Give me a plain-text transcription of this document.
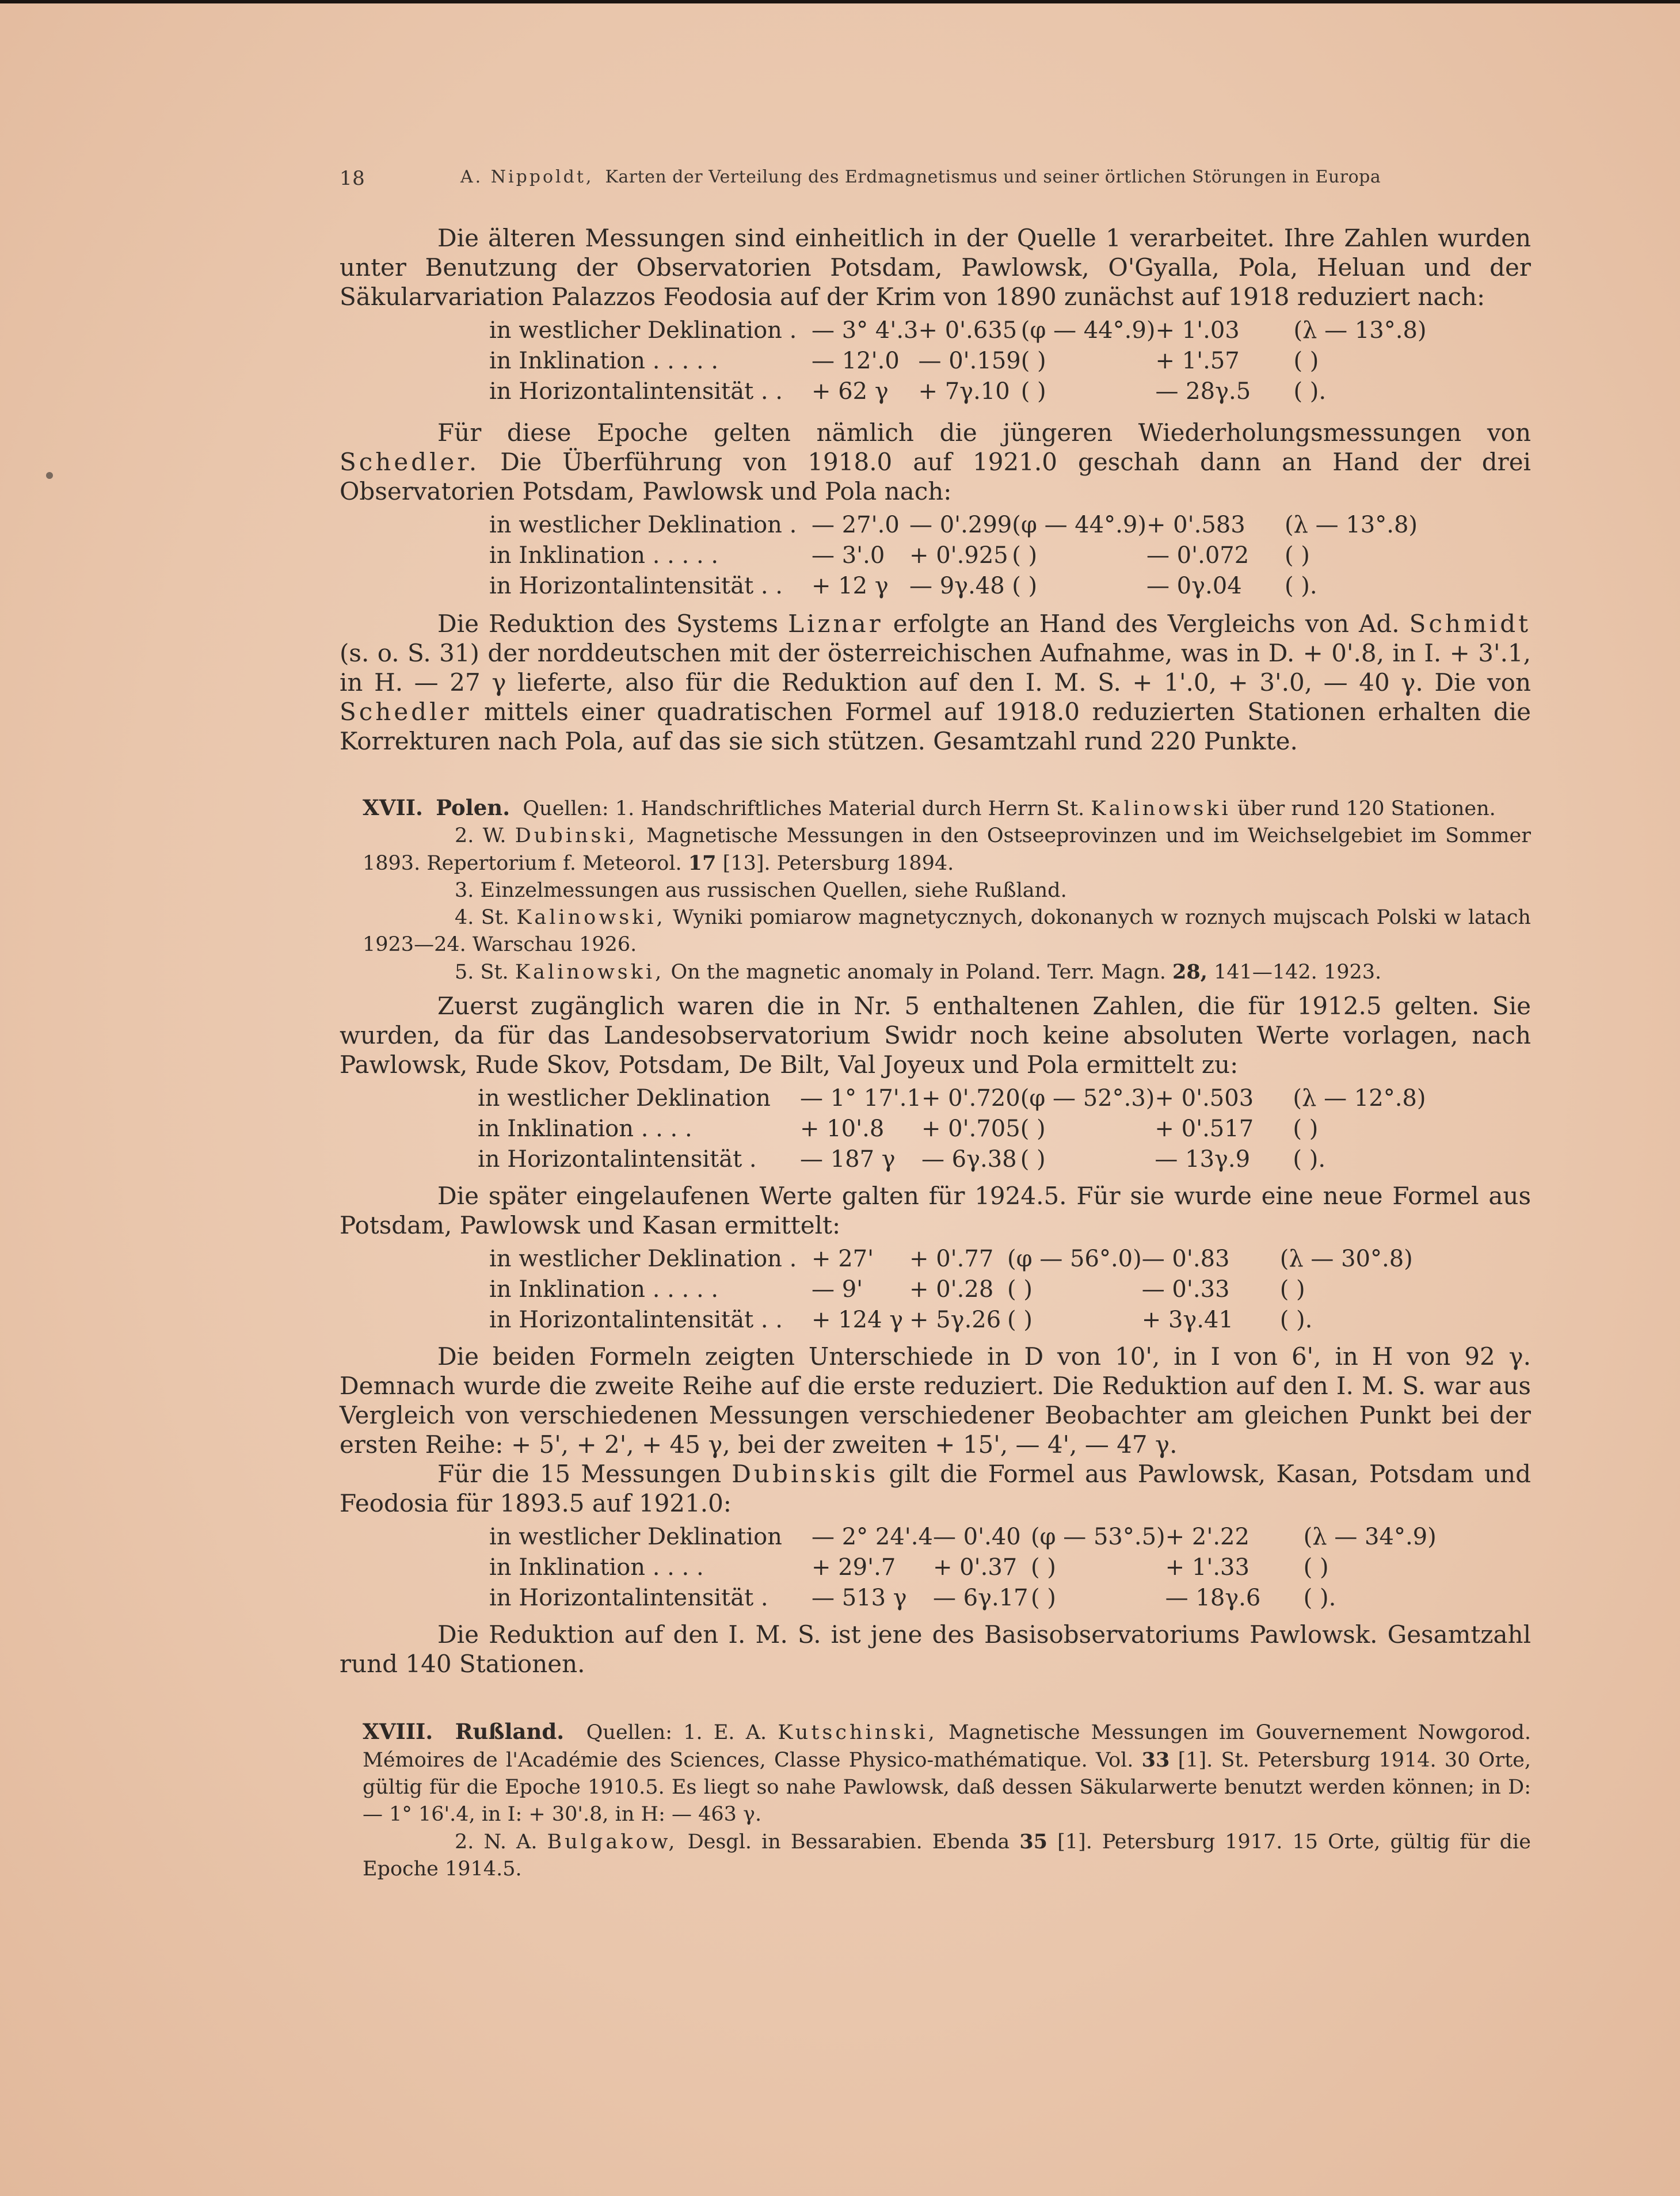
18	A. Nippoldt, Karten der Verteilung des Erdmagnetismus und seiner örtlichen Störungen in Europa

Die älteren Messungen sind einheitlich in der Quelle 1 verarbeitet. Ihre Zahlen wurden unter Benutzung der Observatorien Potsdam, Pawlowsk, O'Gyalla, Pola, Heluan und der Säkularvariation Palazzos Feodosia auf der Krim von 1890 zunächst auf 1918 reduziert nach:

in westlicher Deklination .	— 3° 4'.3	+ 0'.635	(φ — 44°.9)	+ 1'.03	(λ — 13°.8)
in Inklination . . . . .	— 12'.0	— 0'.159	( )	+ 1'.57	( )
in Horizontalintensität . .	+ 62 γ	+ 7γ.10	( )	— 28γ.5	( ).

Für diese Epoche gelten nämlich die jüngeren Wiederholungsmessungen von Schedler. Die Überführung von 1918.0 auf 1921.0 geschah dann an Hand der drei Observatorien Potsdam, Pawlowsk und Pola nach:

in westlicher Deklination .	— 27'.0	— 0'.299	(φ — 44°.9)	+ 0'.583	(λ — 13°.8)
in Inklination . . . . .	— 3'.0	+ 0'.925	( )	— 0'.072	( )
in Horizontalintensität . .	+ 12 γ	— 9γ.48	( )	— 0γ.04	( ).

Die Reduktion des Systems Liznar erfolgte an Hand des Vergleichs von Ad. Schmidt (s. o. S. 31) der norddeutschen mit der österreichischen Aufnahme, was in D. + 0'.8, in I. + 3'.1, in H. — 27 γ lieferte, also für die Reduktion auf den I. M. S. + 1'.0, + 3'.0, — 40 γ. Die von Schedler mittels einer quadratischen Formel auf 1918.0 reduzierten Stationen erhalten die Korrekturen nach Pola, auf das sie sich stützen. Gesamtzahl rund 220 Punkte.

XVII. Polen. Quellen: 1. Handschriftliches Material durch Herrn St. Kalinowski über rund 120 Stationen.

2. W. Dubinski, Magnetische Messungen in den Ostseeprovinzen und im Weichselgebiet im Sommer 1893. Repertorium f. Meteorol. 17 [13]. Petersburg 1894.

3. Einzelmessungen aus russischen Quellen, siehe Rußland.

4. St. Kalinowski, Wyniki pomiarow magnetycznych, dokonanych w roznych mujscach Polski w latach 1923—24. Warschau 1926.

5. St. Kalinowski, On the magnetic anomaly in Poland. Terr. Magn. 28, 141—142. 1923.

Zuerst zugänglich waren die in Nr. 5 enthaltenen Zahlen, die für 1912.5 gelten. Sie wurden, da für das Landesobservatorium Swidr noch keine absoluten Werte vorlagen, nach Pawlowsk, Rude Skov, Potsdam, De Bilt, Val Joyeux und Pola ermittelt zu:

in westlicher Deklination	— 1° 17'.1	+ 0'.720	(φ — 52°.3)	+ 0'.503	(λ — 12°.8)
in Inklination . . . .	+ 10'.8	+ 0'.705	( )	+ 0'.517	( )
in Horizontalintensität .	— 187 γ	— 6γ.38	( )	— 13γ.9	( ).

Die später eingelaufenen Werte galten für 1924.5. Für sie wurde eine neue Formel aus Potsdam, Pawlowsk und Kasan ermittelt:

in westlicher Deklination .	+ 27'	+ 0'.77	(φ — 56°.0)	— 0'.83	(λ — 30°.8)
in Inklination . . . . .	— 9'	+ 0'.28	( )	— 0'.33	( )
in Horizontalintensität . .	+ 124 γ	+ 5γ.26	( )	+ 3γ.41	( ).

Die beiden Formeln zeigten Unterschiede in D von 10', in I von 6', in H von 92 γ. Demnach wurde die zweite Reihe auf die erste reduziert. Die Reduktion auf den I. M. S. war aus Vergleich von verschiedenen Messungen verschiedener Beobachter am gleichen Punkt bei der ersten Reihe: + 5', + 2', + 45 γ, bei der zweiten + 15', — 4', — 47 γ.

Für die 15 Messungen Dubinskis gilt die Formel aus Pawlowsk, Kasan, Potsdam und Feodosia für 1893.5 auf 1921.0:

in westlicher Deklination	— 2° 24'.4	— 0'.40	(φ — 53°.5)	+ 2'.22	(λ — 34°.9)
in Inklination . . . .	+ 29'.7	+ 0'.37	( )	+ 1'.33	( )
in Horizontalintensität .	— 513 γ	— 6γ.17	( )	— 18γ.6	( ).

Die Reduktion auf den I. M. S. ist jene des Basisobservatoriums Pawlowsk. Gesamtzahl rund 140 Stationen.

XVIII. Rußland. Quellen: 1. E. A. Kutschinski, Magnetische Messungen im Gouvernement Nowgorod. Mémoires de l'Académie des Sciences, Classe Physico-mathématique. Vol. 33 [1]. St. Petersburg 1914. 30 Orte, gültig für die Epoche 1910.5. Es liegt so nahe Pawlowsk, daß dessen Säkularwerte benutzt werden können; in D: — 1° 16'.4, in I: + 30'.8, in H: — 463 γ.

2. N. A. Bulgakow, Desgl. in Bessarabien. Ebenda 35 [1]. Petersburg 1917. 15 Orte, gültig für die Epoche 1914.5.
